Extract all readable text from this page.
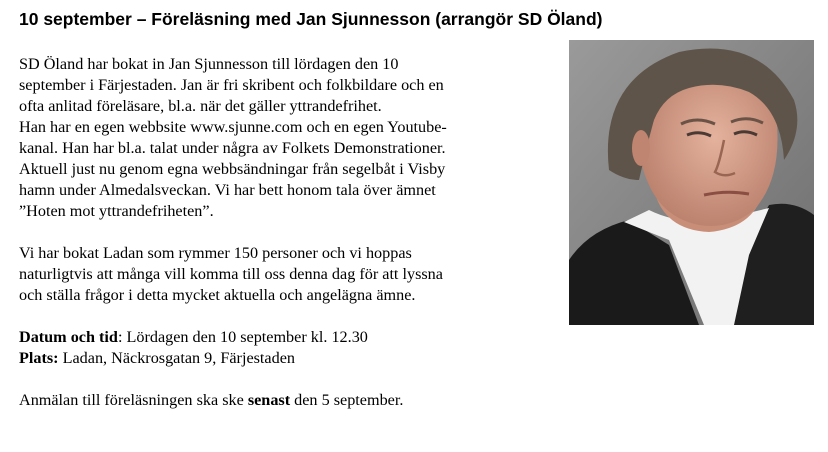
10 september – Föreläsning med Jan Sjunnesson (arrangör SD Öland)

SD Öland har bokat in Jan Sjunnesson till lördagen den 10

september i Färjestaden. Jan är fri skribent och folkbildare och en

ofta anlitad föreläsare, bl.a. när det gäller yttrandefrihet.

Han har en egen webbsite www.sjunne.com och en egen Youtube-

kanal. Han har bl.a. talat under några av Folkets Demonstrationer.

Aktuell just nu genom egna webbsändningar från segelbåt i Visby

hamn under Almedalsveckan. Vi har bett honom tala över ämnet

”Hoten mot yttrandefriheten”.

Vi har bokat Ladan som rymmer 150 personer och vi hoppas

naturligtvis att många vill komma till oss denna dag för att lyssna

och ställa frågor i detta mycket aktuella och angelägna ämne.

Datum och tid: Lördagen den 10 september kl. 12.30

Plats: Ladan, Näckrosgatan 9, Färjestaden

Anmälan till föreläsningen ska ske senast den 5 september.
